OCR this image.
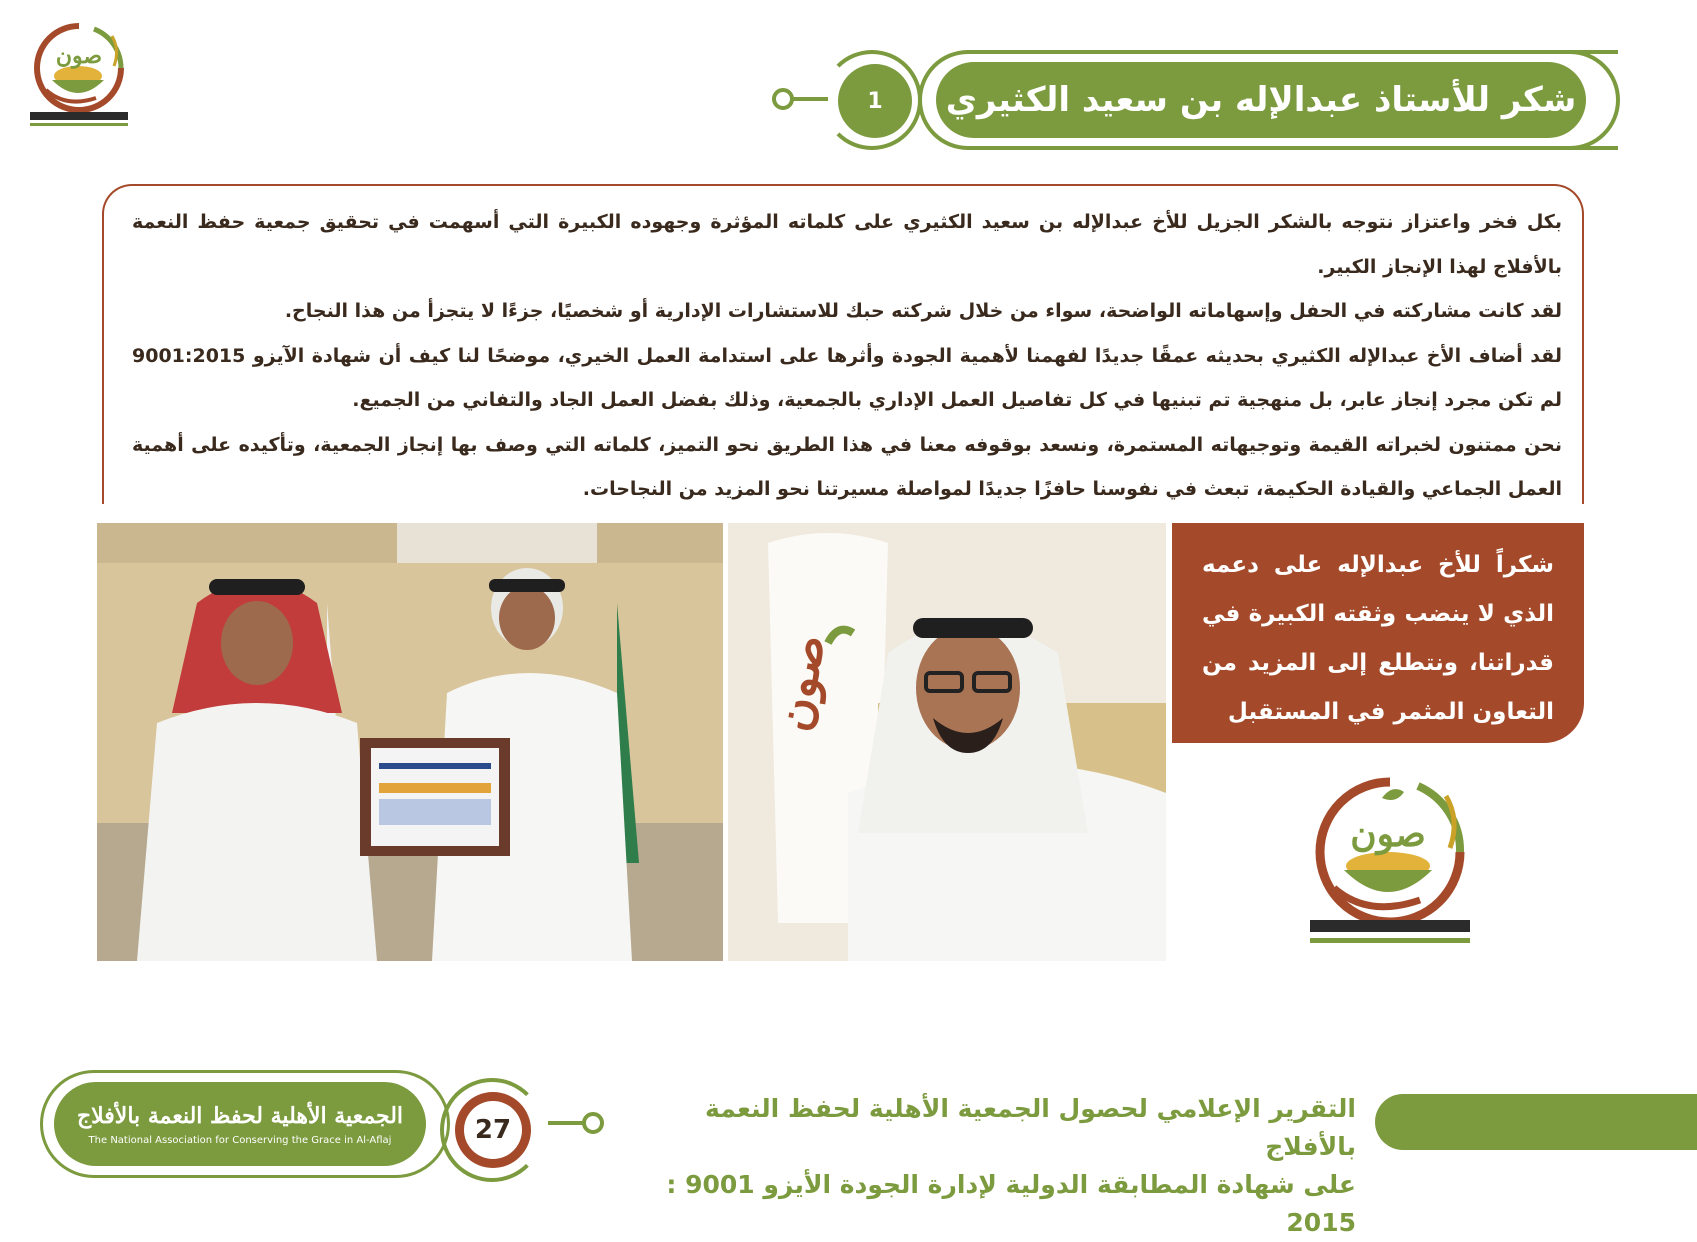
صون
شكر للأستاذ عبدالإله بن سعيد الكثيري
1

بكل فخر واعتزاز نتوجه بالشكر الجزيل للأخ عبدالإله بن سعيد الكثيري على كلماته المؤثرة وجهوده الكبيرة التي أسهمت في تحقيق جمعية حفظ النعمة بالأفلاج لهذا الإنجاز الكبير.

لقد كانت مشاركته في الحفل وإسهاماته الواضحة، سواء من خلال شركته حبك للاستشارات الإدارية أو شخصيًا، جزءًا لا يتجزأ من هذا النجاح.

لقد أضاف الأخ عبدالإله الكثيري بحديثه عمقًا جديدًا لفهمنا لأهمية الجودة وأثرها على استدامة العمل الخيري، موضحًا لنا كيف أن شهادة الآيزو 9001:2015 لم تكن مجرد إنجاز عابر، بل منهجية تم تبنيها في كل تفاصيل العمل الإداري بالجمعية، وذلك بفضل العمل الجاد والتفاني من الجميع.

نحن ممتنون لخبراته القيمة وتوجيهاته المستمرة، ونسعد بوقوفه معنا في هذا الطريق نحو التميز، كلماته التي وصف بها إنجاز الجمعية، وتأكيده على أهمية العمل الجماعي والقيادة الحكيمة، تبعث في نفوسنا حافزًا جديدًا لمواصلة مسيرتنا نحو المزيد من النجاحات.

صون

شكراً للأخ عبدالإله على دعمه الذي لا ينضب وثقته الكبيرة في قدراتنا، ونتطلع إلى المزيد من التعاون المثمر في المستقبل

صون
الجمعية الأهلية لحفظ النعمة بالأفلاج
The National Association for Conserving the Grace in Al-Aflaj	27
التقرير الإعلامي لحصول الجمعية الأهلية لحفظ النعمة بالأفلاج
على شهادة المطابقة الدولية لإدارة الجودة الأيزو 9001 : 2015
